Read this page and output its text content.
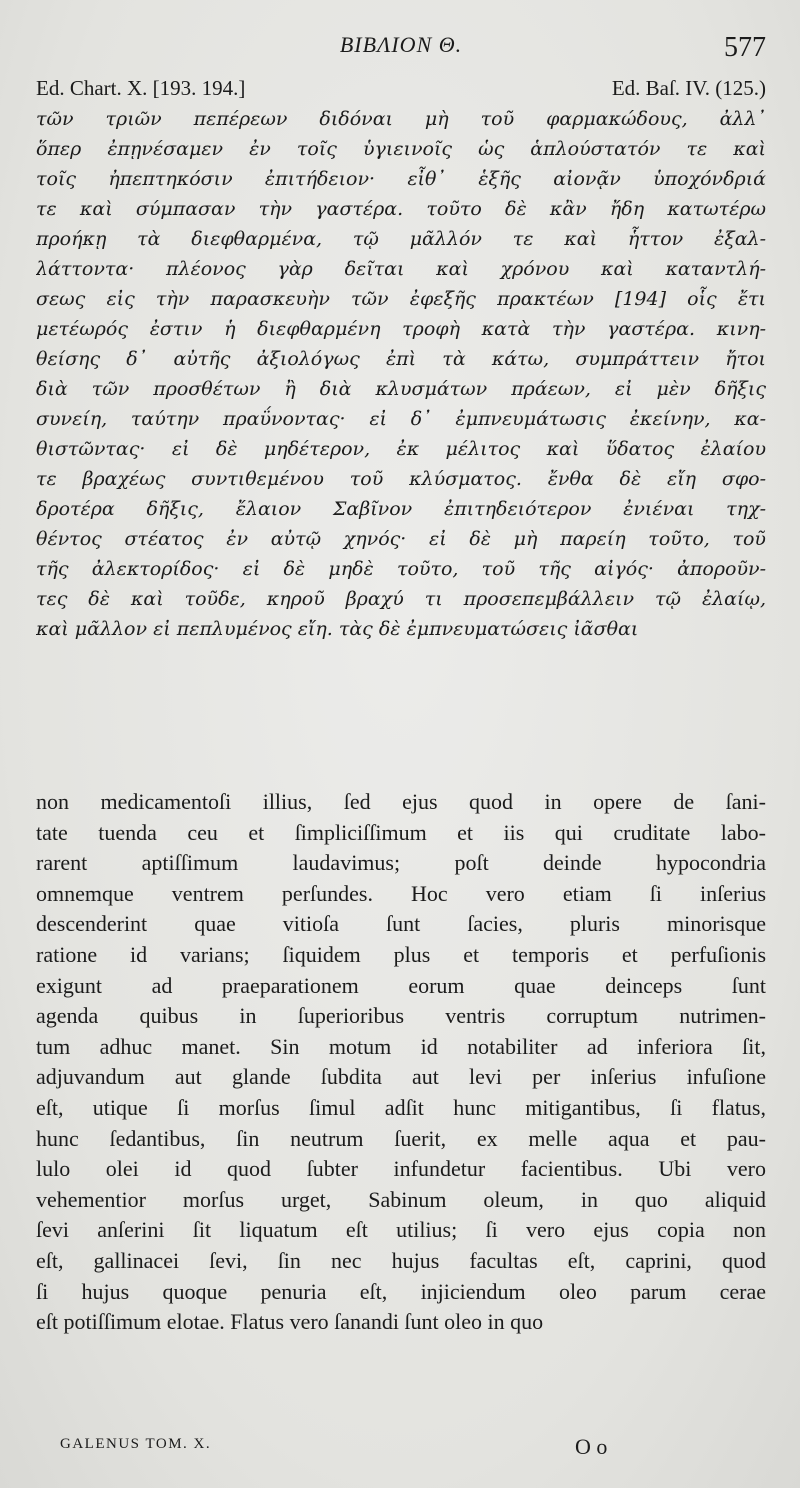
ΒΙΒΛΙΟΝ Θ.	577
Ed. Chart. X. [193. 194.]	Ed. Baſ. IV. (125.)
τῶν τριῶν πεπέρεων διδόναι μὴ τοῦ φαρμακώδους, ἀλλ᾽
ὅπερ ἐπῃνέσαμεν ἐν τοῖς ὑγιεινοῖς ὡς ἁπλούστατόν τε καὶ
τοῖς ἠπεπτηκόσιν ἐπιτήδειον· εἶθ᾽ ἑξῆς αἰονᾷν ὑποχόνδριά
τε καὶ σύμπασαν τὴν γαστέρα. τοῦτο δὲ κἂν ἤδη κατωτέρω
προήκῃ τὰ διεφθαρμένα, τῷ μᾶλλόν τε καὶ ἧττον ἐξαλ-
λάττοντα· πλέονος γὰρ δεῖται καὶ χρόνου καὶ καταντλή-
σεως εἰς τὴν παρασκευὴν τῶν ἐφεξῆς πρακτέων [194] οἷς ἔτι
μετέωρός ἐστιν ἡ διεφθαρμένη τροφὴ κατὰ τὴν γαστέρα. κινη-
θείσης δ᾽ αὐτῆς ἀξιολόγως ἐπὶ τὰ κάτω, συμπράττειν ἤτοι
διὰ τῶν προσθέτων ἢ διὰ κλυσμάτων πράεων, εἰ μὲν δῆξις
συνείη, ταύτην πραΰνοντας· εἰ δ᾽ ἐμπνευμάτωσις ἐκείνην, κα-
θιστῶντας· εἰ δὲ μηδέτερον, ἐκ μέλιτος καὶ ὕδατος ἐλαίου
τε βραχέως συντιθεμένου τοῦ κλύσματος. ἔνθα δὲ εἴη σφο-
δροτέρα δῆξις, ἔλαιον Σαβῖνον ἐπιτηδειότερον ἐνιέναι τηχ-
θέντος στέατος ἐν αὐτῷ χηνός· εἰ δὲ μὴ παρείη τοῦτο, τοῦ
τῆς ἀλεκτορίδος· εἰ δὲ μηδὲ τοῦτο, τοῦ τῆς αἰγός· ἀποροῦν-
τες δὲ καὶ τοῦδε, κηροῦ βραχύ τι προσεπεμβάλλειν τῷ ἐλαίῳ,
καὶ μᾶλλον εἰ πεπλυμένος εἴη. τὰς δὲ ἐμπνευματώσεις ἰᾶσθαι
non medicamentoſi illius, ſed ejus quod in opere de ſani-
tate tuenda ceu et ſimpliciſſimum et iis qui cruditate labo-
rarent aptiſſimum laudavimus; poſt deinde hypocondria
omnemque ventrem perſundes. Hoc vero etiam ſi inſerius
descenderint quae vitioſa ſunt ſacies, pluris minorisque
ratione id varians; ſiquidem plus et temporis et perfuſionis
exigunt ad praeparationem eorum quae deinceps ſunt
agenda quibus in ſuperioribus ventris corruptum nutrimen-
tum adhuc manet. Sin motum id notabiliter ad inferiora ſit,
adjuvandum aut glande ſubdita aut levi per inſerius infuſione
eſt, utique ſi morſus ſimul adſit hunc mitigantibus, ſi flatus,
hunc ſedantibus, ſin neutrum ſuerit, ex melle aqua et pau-
lulo olei id quod ſubter infundetur facientibus. Ubi vero
vehementior morſus urget, Sabinum oleum, in quo aliquid
ſevi anſerini ſit liquatum eſt utilius; ſi vero ejus copia non
eſt, gallinacei ſevi, ſin nec hujus facultas eſt, caprini, quod
ſi hujus quoque penuria eſt, injiciendum oleo parum cerae
eſt potiſſimum elotae. Flatus vero ſanandi ſunt oleo in quo
GALENUS TOM. X.	O o
